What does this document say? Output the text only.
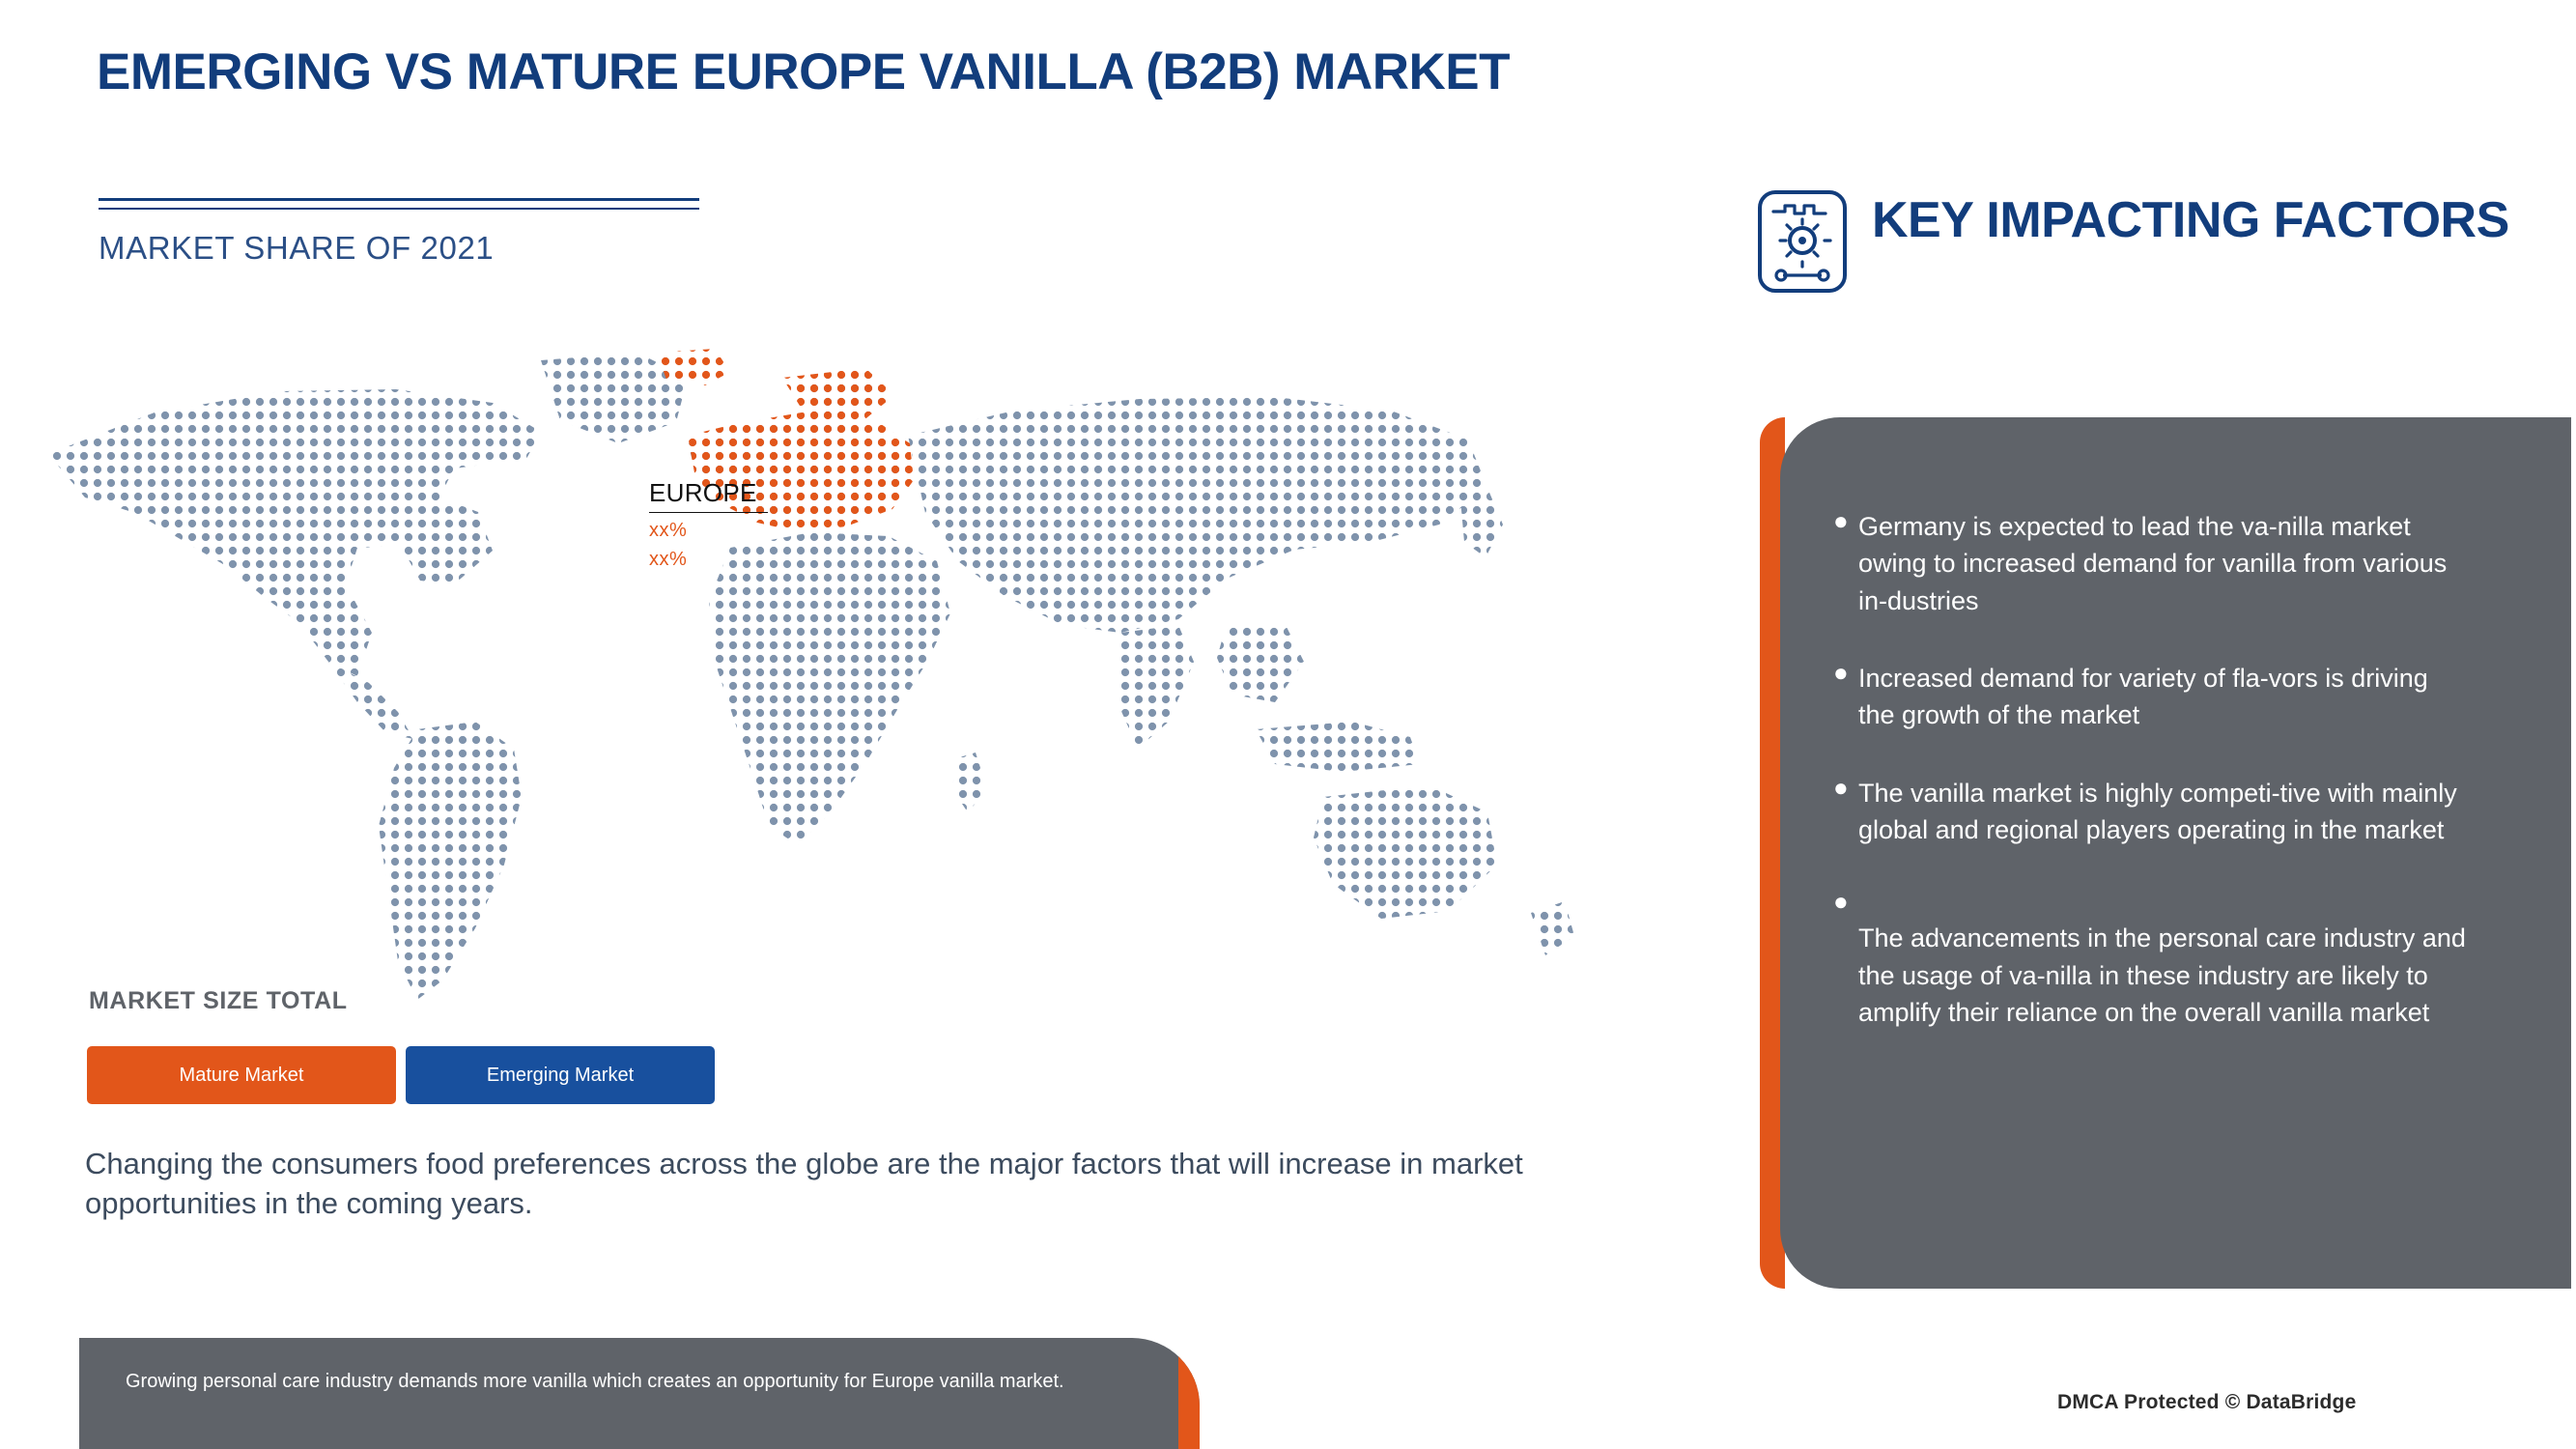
EMERGING VS MATURE EUROPE VANILLA (B2B) MARKET
MARKET SHARE OF 2021
EUROPE
xx%
xx%
MARKET SIZE TOTAL
Mature Market	Emerging Market
Changing the consumers food preferences across the globe are the major factors that will increase in market opportunities in the coming years.
Growing personal care industry demands more vanilla which creates an opportunity for Europe vanilla market.
KEY IMPACTING FACTORS
● Germany is expected to lead the va-nilla market owing to increased demand for vanilla from various in-dustries
● Increased demand for variety of fla-vors is driving the growth of the market
● The vanilla market is highly competi-tive with mainly global and regional players operating in the market
●
The advancements in the personal care industry and the usage of va-nilla in these industry are likely to amplify their reliance on the overall vanilla market
DMCA Protected © DataBridge
